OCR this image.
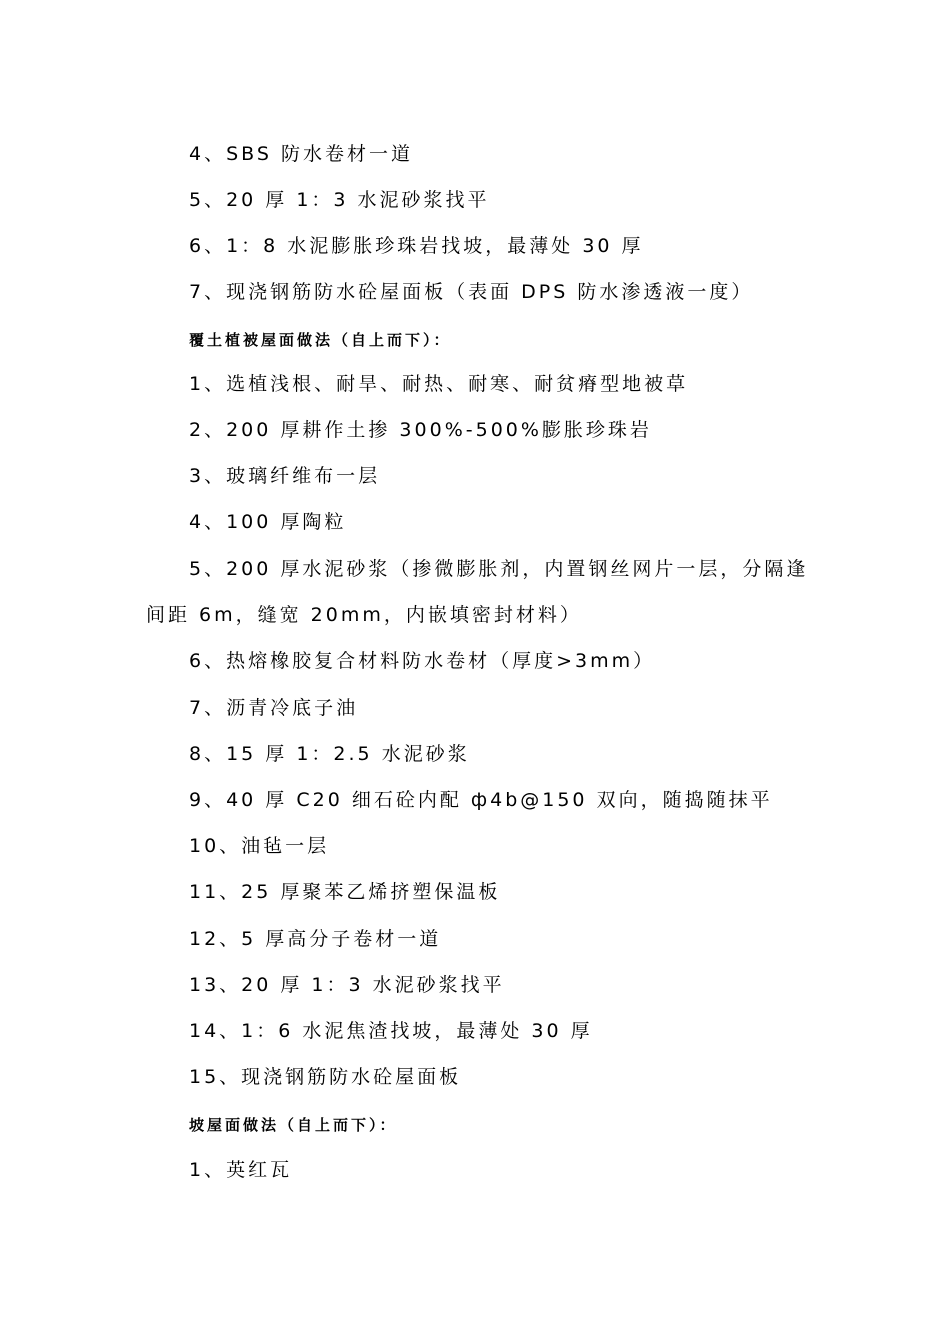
4、SBS 防水卷材一道
5、20 厚 1：3 水泥砂浆找平
6、1：8 水泥膨胀珍珠岩找坡，最薄处 30 厚
7、现浇钢筋防水砼屋面板（表面 DPS 防水渗透液一度）
覆土植被屋面做法（自上而下）：
1、选植浅根、耐旱、耐热、耐寒、耐贫瘠型地被草
2、200 厚耕作土掺 300%-500%膨胀珍珠岩
3、玻璃纤维布一层
4、100 厚陶粒
5、200 厚水泥砂浆（掺微膨胀剂，内置钢丝网片一层，分隔逢
间距 6m，缝宽 20mm，内嵌填密封材料）
6、热熔橡胶复合材料防水卷材（厚度>3mm）
7、沥青冷底子油
8、15 厚 1：2.5 水泥砂浆
9、40 厚 C20 细石砼内配 ф4b@150 双向，随捣随抹平
10、油毡一层
11、25 厚聚苯乙烯挤塑保温板
12、5 厚高分子卷材一道
13、20 厚 1：3 水泥砂浆找平
14、1：6 水泥焦渣找坡，最薄处 30 厚
15、现浇钢筋防水砼屋面板
坡屋面做法（自上而下）：
1、英红瓦
